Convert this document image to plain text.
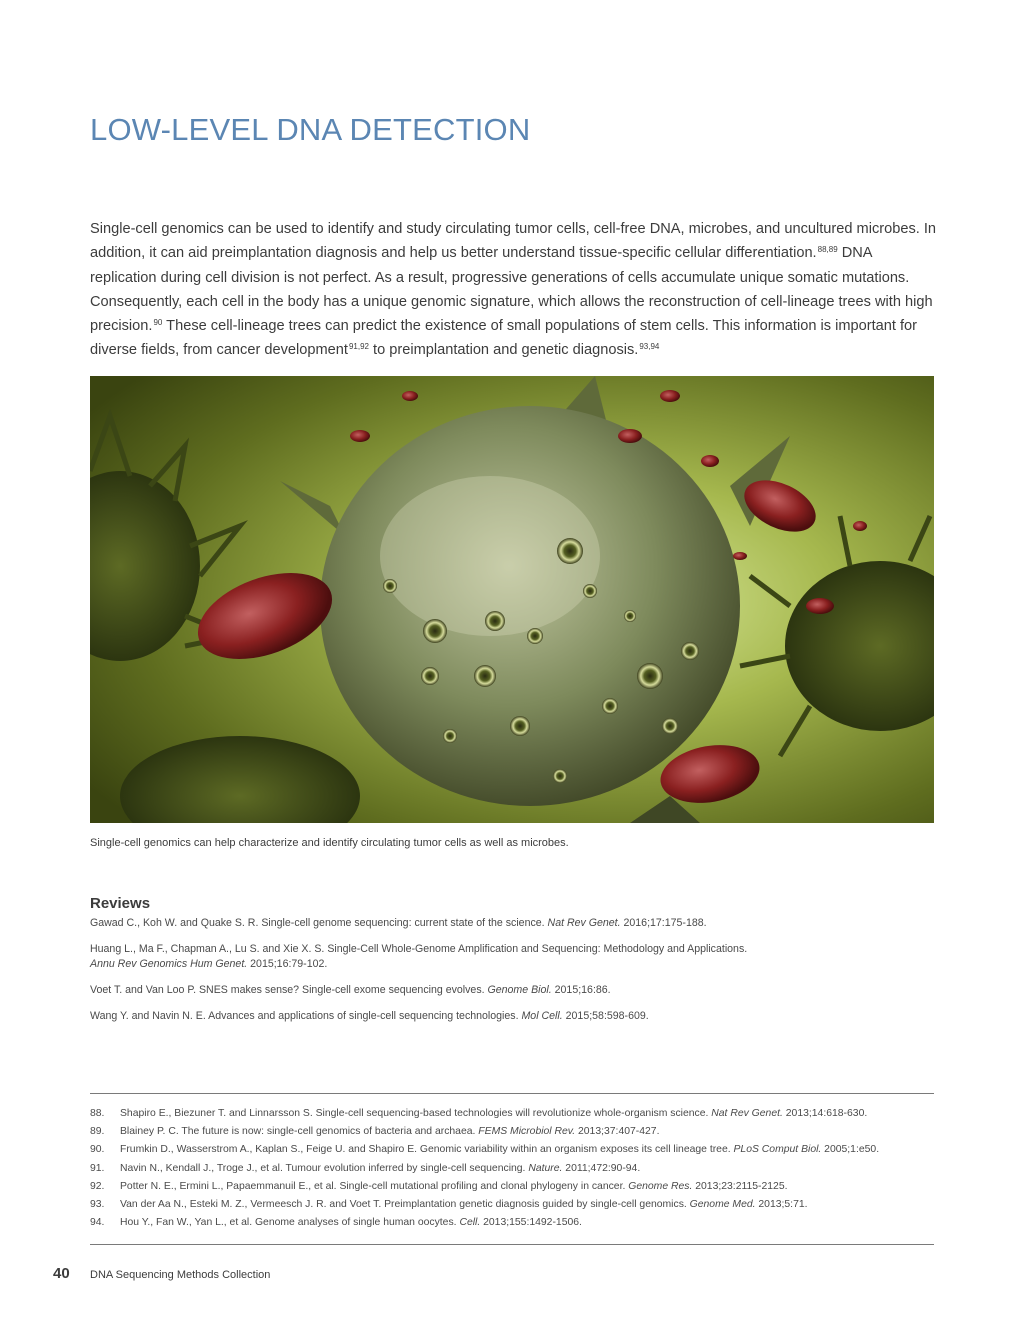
LOW-LEVEL DNA DETECTION

Single-cell genomics can be used to identify and study circulating tumor cells, cell-free DNA, microbes, and uncultured microbes. In addition, it can aid preimplantation diagnosis and help us better understand tissue-specific cellular differentiation.$^{88,89}$ DNA replication during cell division is not perfect. As a result, progressive generations of cells accumulate unique somatic mutations. Consequently, each cell in the body has a unique genomic signature, which allows the reconstruction of cell-lineage trees with high precision.$^{90}$ These cell-lineage trees can predict the existence of small populations of stem cells. This information is important for diverse fields, from cancer development$^{91,92}$ to preimplantation and genetic diagnosis.$^{93,94}$

Single-cell genomics can help characterize and identify circulating tumor cells as well as microbes.

Reviews
Gawad C., Koh W. and Quake S. R. Single-cell genome sequencing: current state of the science. Nat Rev Genet. 2016;17:175-188.
Huang L., Ma F., Chapman A., Lu S. and Xie X. S. Single-Cell Whole-Genome Amplification and Sequencing: Methodology and Applications.
Annu Rev Genomics Hum Genet. 2015;16:79-102.
Voet T. and Van Loo P. SNES makes sense? Single-cell exome sequencing evolves. Genome Biol. 2015;16:86.
Wang Y. and Navin N. E. Advances and applications of single-cell sequencing technologies. Mol Cell. 2015;58:598-609.
88. Shapiro E., Biezuner T. and Linnarsson S. Single-cell sequencing-based technologies will revolutionize whole-organism science. Nat Rev Genet. 2013;14:618-630.
89. Blainey P. C. The future is now: single-cell genomics of bacteria and archaea. FEMS Microbiol Rev. 2013;37:407-427.
90. Frumkin D., Wasserstrom A., Kaplan S., Feige U. and Shapiro E. Genomic variability within an organism exposes its cell lineage tree. PLoS Comput Biol. 2005;1:e50.
91. Navin N., Kendall J., Troge J., et al. Tumour evolution inferred by single-cell sequencing. Nature. 2011;472:90-94.
92. Potter N. E., Ermini L., Papaemmanuil E., et al. Single-cell mutational profiling and clonal phylogeny in cancer. Genome Res. 2013;23:2115-2125.
93. Van der Aa N., Esteki M. Z., Vermeesch J. R. and Voet T. Preimplantation genetic diagnosis guided by single-cell genomics. Genome Med. 2013;5:71.
94. Hou Y., Fan W., Yan L., et al. Genome analyses of single human oocytes. Cell. 2013;155:1492-1506.
40 DNA Sequencing Methods Collection
